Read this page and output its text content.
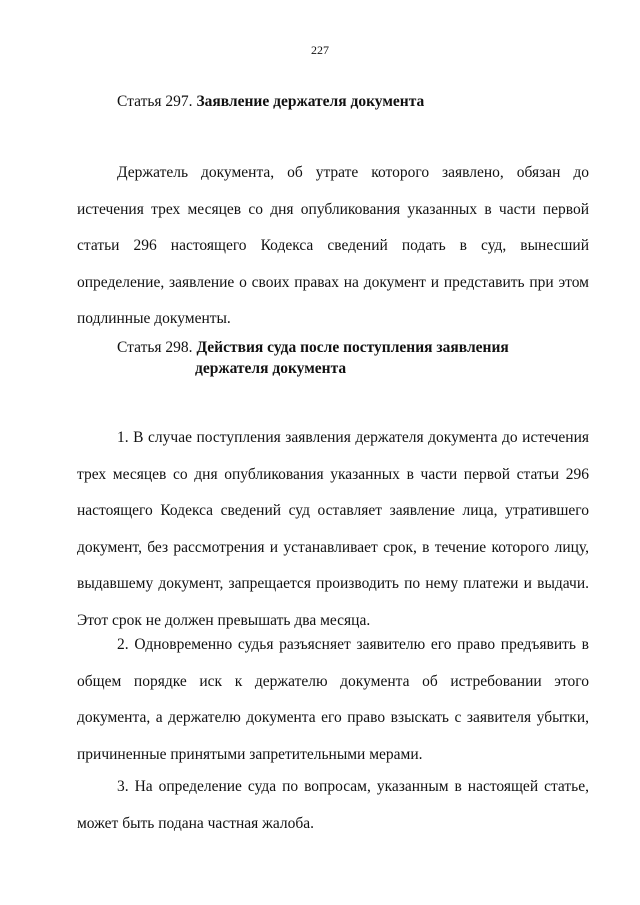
227
Статья 297. Заявление держателя документа

Держатель документа, об утрате которого заявлено, обязан до истечения трех месяцев со дня опубликования указанных в части первой статьи 296 настоящего Кодекса сведений подать в суд, вынесший определение, заявление о своих правах на документ и представить при этом подлинные документы.

Статья 298. Действия суда после поступления заявления
держателя документа

1. В случае поступления заявления держателя документа до истечения трех месяцев со дня опубликования указанных в части первой статьи 296 настоящего Кодекса сведений суд оставляет заявление лица, утратившего документ, без рассмотрения и устанавливает срок, в течение которого лицу, выдавшему документ, запрещается производить по нему платежи и выдачи. Этот срок не должен превышать два месяца.

2. Одновременно судья разъясняет заявителю его право предъявить в общем порядке иск к держателю документа об истребовании этого документа, а держателю документа его право взыскать с заявителя убытки, причиненные принятыми запретительными мерами.

3. На определение суда по вопросам, указанным в настоящей статье, может быть подана частная жалоба.
